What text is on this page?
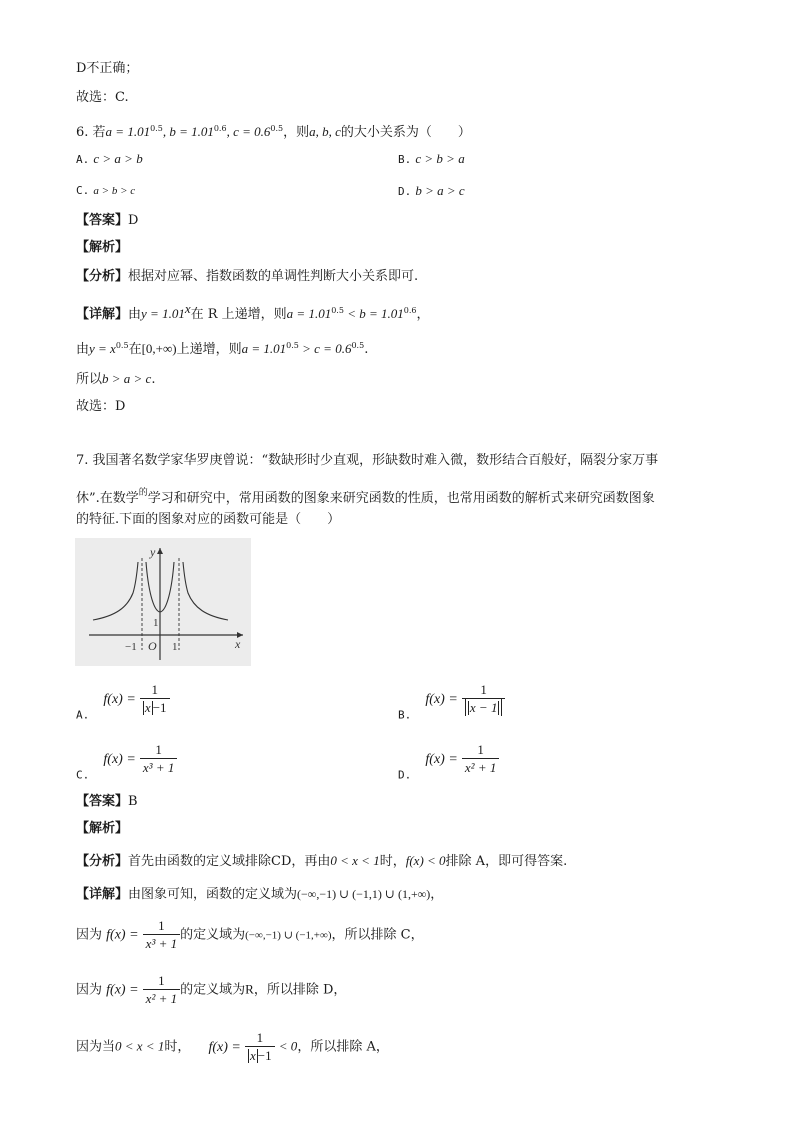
D不正确；
故选：C.
6. 若$a = 1.01^{0.5}$, $b = 1.01^{0.6}$, $c = 0.6^{0.5}$，则a, b, c的大小关系为（　　）
A. c > a > b	B. c > b > a
C. a > b > c	D. b > a > c
【答案】D
【解析】
【分析】根据对应幂、指数函数的单调性判断大小关系即可.
【详解】由$y = 1.01^x$在 R 上递增，则$a = 1.01^{0.5} < b = 1.01^{0.6}$，
由$y = x^{0.5}$在[0,+∞)上递增，则$a = 1.01^{0.5} > c = 0.6^{0.5}$.
所以b > a > c.
故选：D
7. 我国著名数学家华罗庚曾说：“数缺形时少直观，形缺数时难入微，数形结合百般好，隔裂分家万事
休”.在数学$^的$学习和研究中，常用函数的图象来研究函数的性质，也常用函数的解析式来研究函数图象
的特征.下面的图象对应的函数可能是（　　）
y
x
O
−1	1
1
$_{A.}$ $f(x) = \frac{1}{x -1}$	$_{B.}$ $f(x) = \frac{1}{x - 1}$
$_{C.}$ $f(x) = \frac{1}{\text{x³ + 1}}$	$_{D.}$ $f(x) = \frac{1}{\text{x² + 1}}$
【答案】B
【解析】
【分析】首先由函数的定义域排除CD，再由0 < x < 1时，f(x) < 0排除 A，即可得答案.
【详解】由图象可知，函数的定义域为(−∞,−1) ∪ (−1,1) ∪ (1,+∞)，
因为 $f(x) = \frac{1}{\text{x³ + 1}}$ 的定义域为(−∞,−1) ∪ (−1,+∞)，所以排除 C，
因为 $f(x) = \frac{1}{\text{x² + 1}}$ 的定义域为R，所以排除 D，
因为当0 < x < 1时， $f(x) = \frac{1}{x -1} < 0$，所以排除 A，
